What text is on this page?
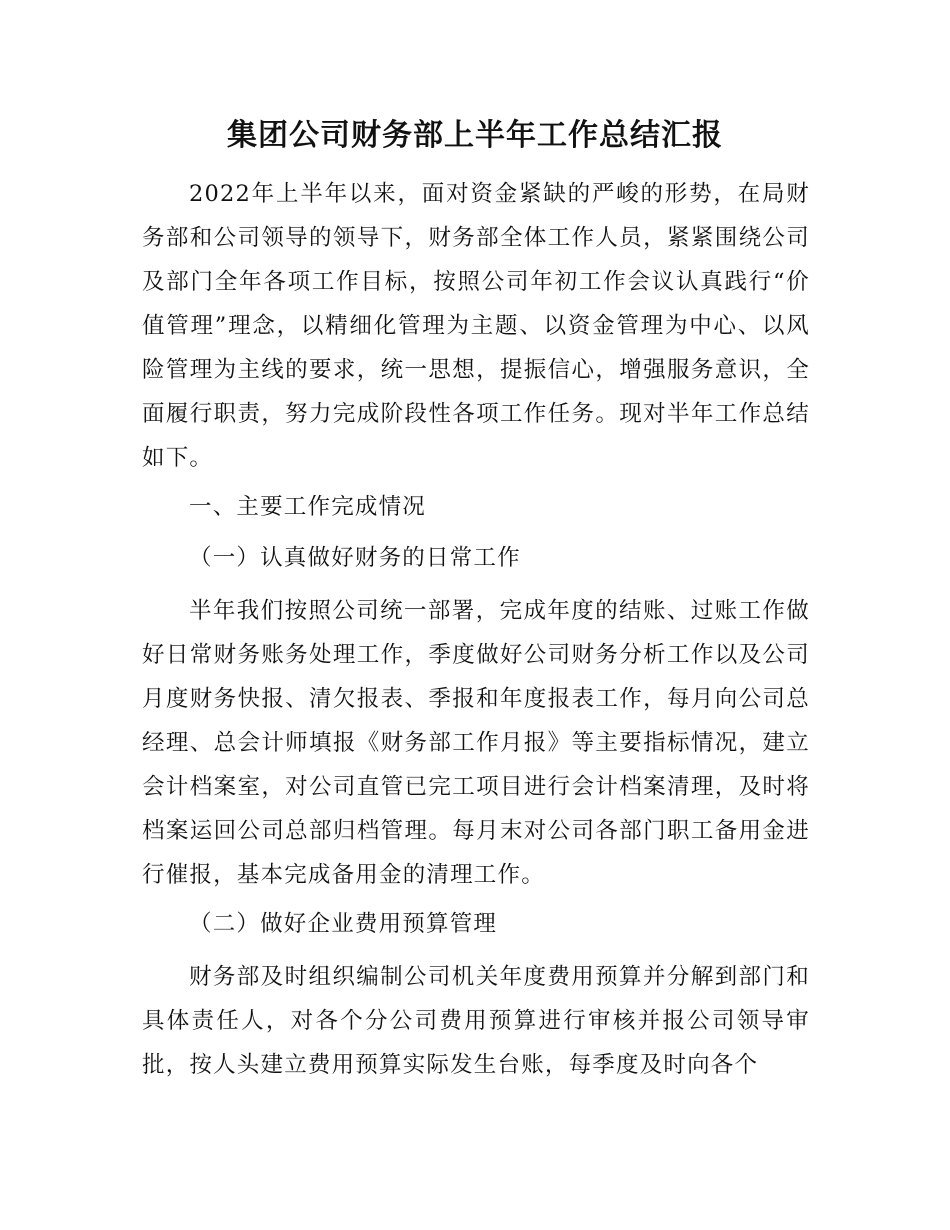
集团公司财务部上半年工作总结汇报

2022年上半年以来，面对资金紧缺的严峻的形势，在局财务部和公司领导的领导下，财务部全体工作人员，紧紧围绕公司及部门全年各项工作目标，按照公司年初工作会议认真践行“价值管理”理念，以精细化管理为主题、以资金管理为中心、以风险管理为主线的要求，统一思想，提振信心，增强服务意识，全面履行职责，努力完成阶段性各项工作任务。现对半年工作总结如下。

一、主要工作完成情况

（一）认真做好财务的日常工作

半年我们按照公司统一部署，完成年度的结账、过账工作做好日常财务账务处理工作，季度做好公司财务分析工作以及公司月度财务快报、清欠报表、季报和年度报表工作，每月向公司总经理、总会计师填报《财务部工作月报》等主要指标情况，建立会计档案室，对公司直管已完工项目进行会计档案清理，及时将档案运回公司总部归档管理。每月末对公司各部门职工备用金进行催报，基本完成备用金的清理工作。

（二）做好企业费用预算管理

财务部及时组织编制公司机关年度费用预算并分解到部门和具体责任人，对各个分公司费用预算进行审核并报公司领导审批，按人头建立费用预算实际发生台账，每季度及时向各个
